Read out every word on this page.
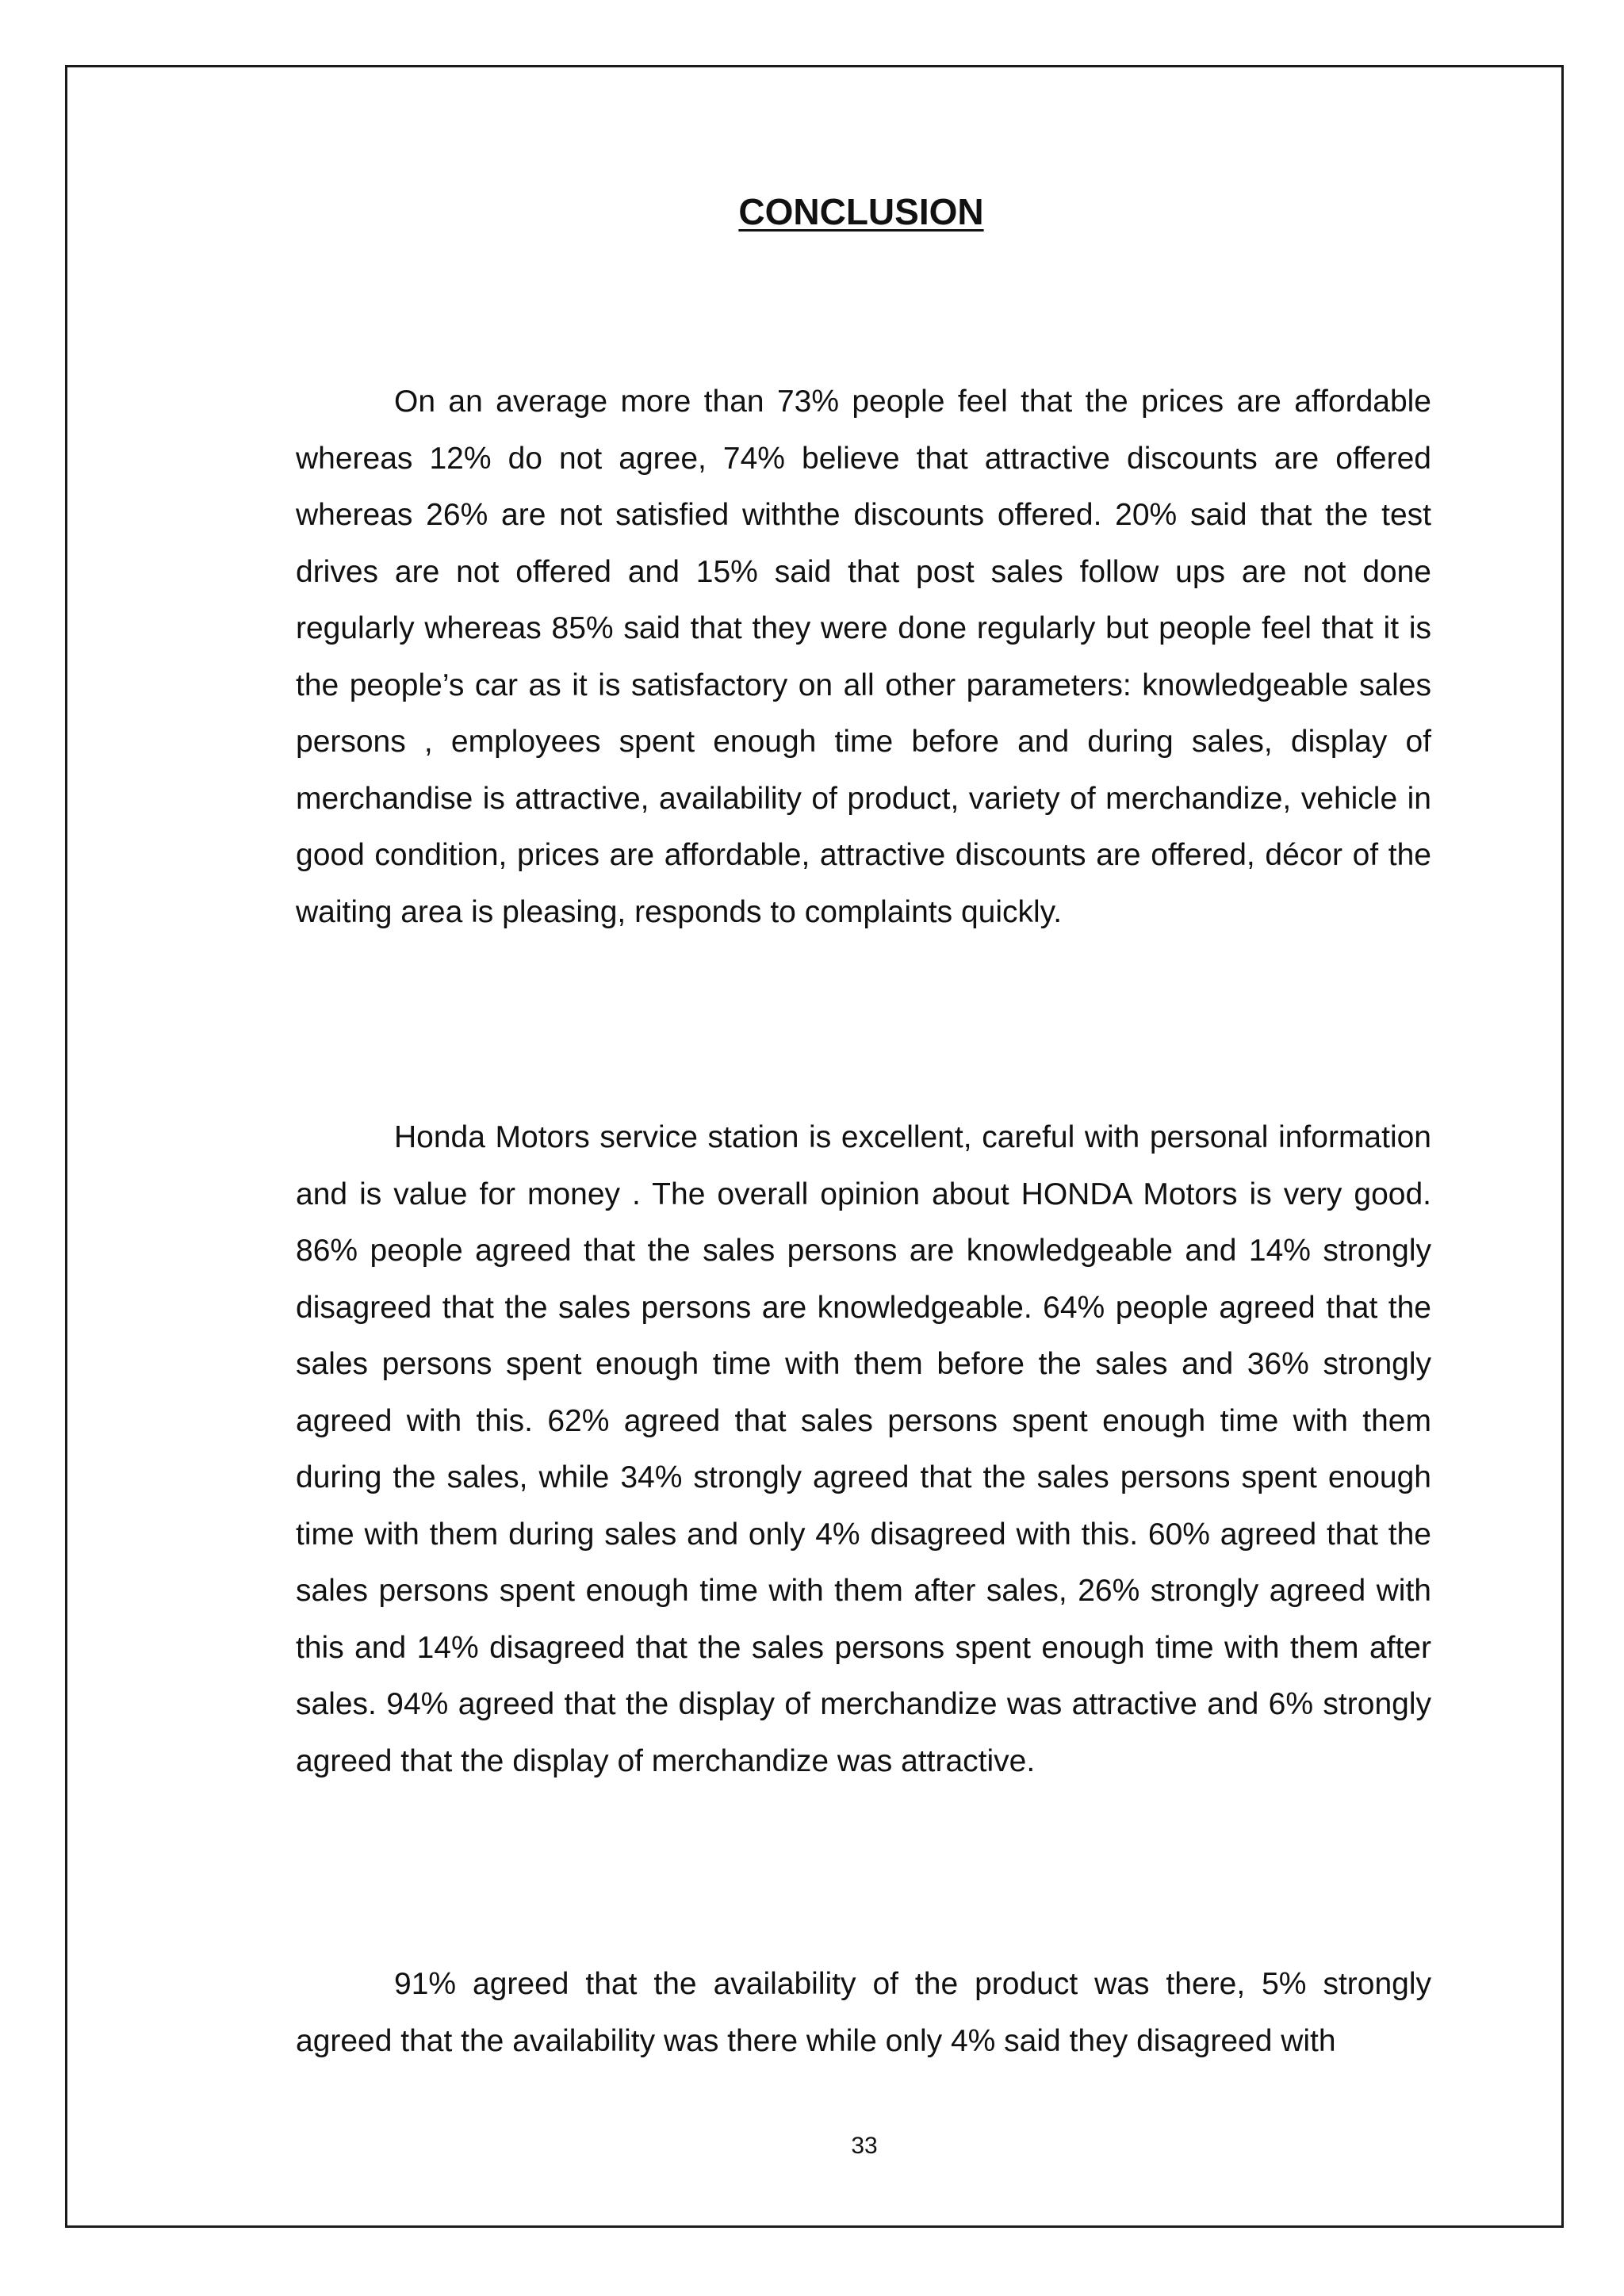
CONCLUSION

On an average more than 73% people feel that the prices are affordable whereas 12% do not agree, 74% believe that attractive discounts are offered whereas 26% are not satisfied withthe discounts offered. 20% said that the test drives are not offered and 15% said that post sales follow ups are not done regularly whereas 85% said that they were done regularly but people feel that it is the people’s car as it is satisfactory on all other parameters: knowledgeable sales persons , employees spent enough time before and during sales, display of merchandise is attractive, availability of product, variety of merchandize, vehicle in good condition, prices are affordable, attractive discounts are offered, décor of the waiting area is pleasing, responds to complaints quickly.

Honda Motors service station is excellent, careful with personal information and is value for money . The overall opinion about HONDA Motors is very good. 86% people agreed that the sales persons are knowledgeable and 14% strongly disagreed that the sales persons are knowledgeable. 64% people agreed that the sales persons spent enough time with them before the sales and 36% strongly agreed with this. 62% agreed that sales persons spent enough time with them during the sales, while 34% strongly agreed that the sales persons spent enough time with them during sales and only 4% disagreed with this. 60% agreed that the sales persons spent enough time with them after sales, 26% strongly agreed with this and 14% disagreed that the sales persons spent enough time with them after sales. 94% agreed that the display of merchandize was attractive and 6% strongly agreed that the display of merchandize was attractive.

91% agreed that the availability of the product was there, 5% strongly agreed that the availability was there while only 4% said they disagreed with

33
